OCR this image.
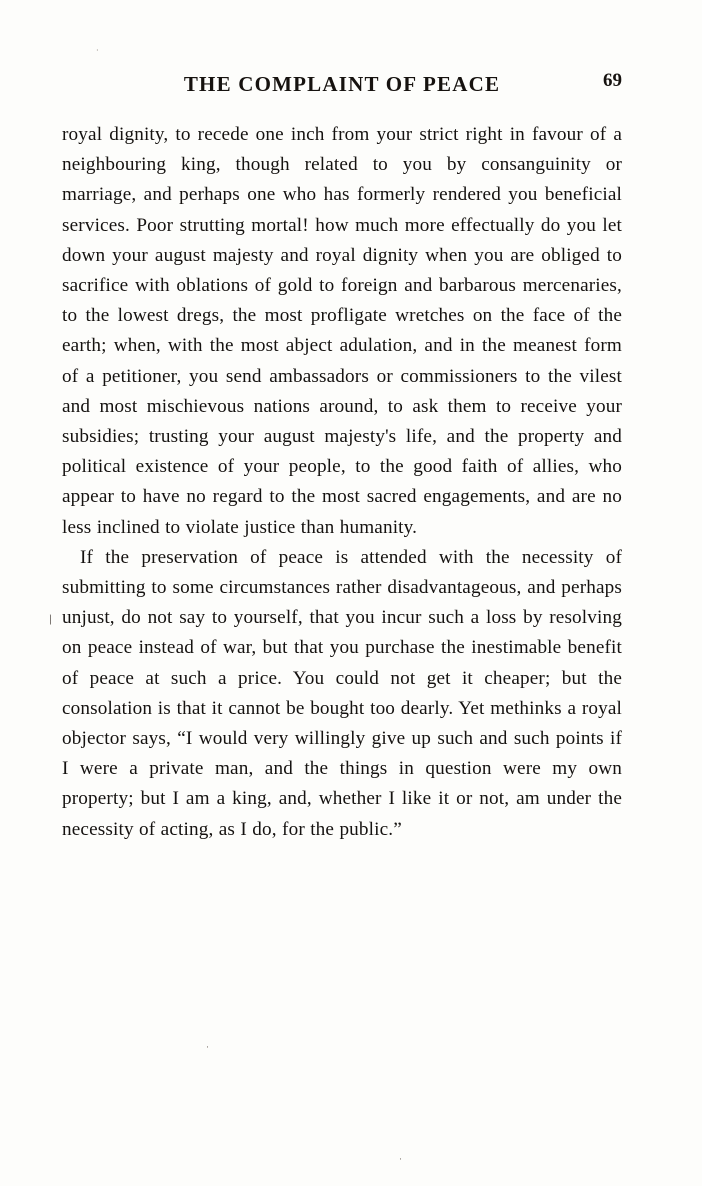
THE COMPLAINT OF PEACE	69

royal dignity, to recede one inch from your strict right in favour of a neighbouring king, though related to you by consanguinity or marriage, and perhaps one who has formerly rendered you beneficial services. Poor strutting mortal! how much more effectually do you let down your august majesty and royal dignity when you are obliged to sacrifice with oblations of gold to foreign and barbarous mercenaries, to the lowest dregs, the most profligate wretches on the face of the earth; when, with the most abject adulation, and in the meanest form of a petitioner, you send ambassadors or commissioners to the vilest and most mischievous nations around, to ask them to receive your subsidies; trusting your august majesty's life, and the property and political existence of your people, to the good faith of allies, who appear to have no regard to the most sacred engagements, and are no less inclined to violate justice than humanity.

If the preservation of peace is attended with the necessity of submitting to some circumstances rather disadvantageous, and perhaps unjust, do not say to yourself, that you incur such a loss by resolving on peace instead of war, but that you purchase the inestimable benefit of peace at such a price. You could not get it cheaper; but the consolation is that it cannot be bought too dearly. Yet methinks a royal objector says, “I would very willingly give up such and such points if I were a private man, and the things in question were my own property; but I am a king, and, whether I like it or not, am under the necessity of acting, as I do, for the public.”

\
·
·
·
